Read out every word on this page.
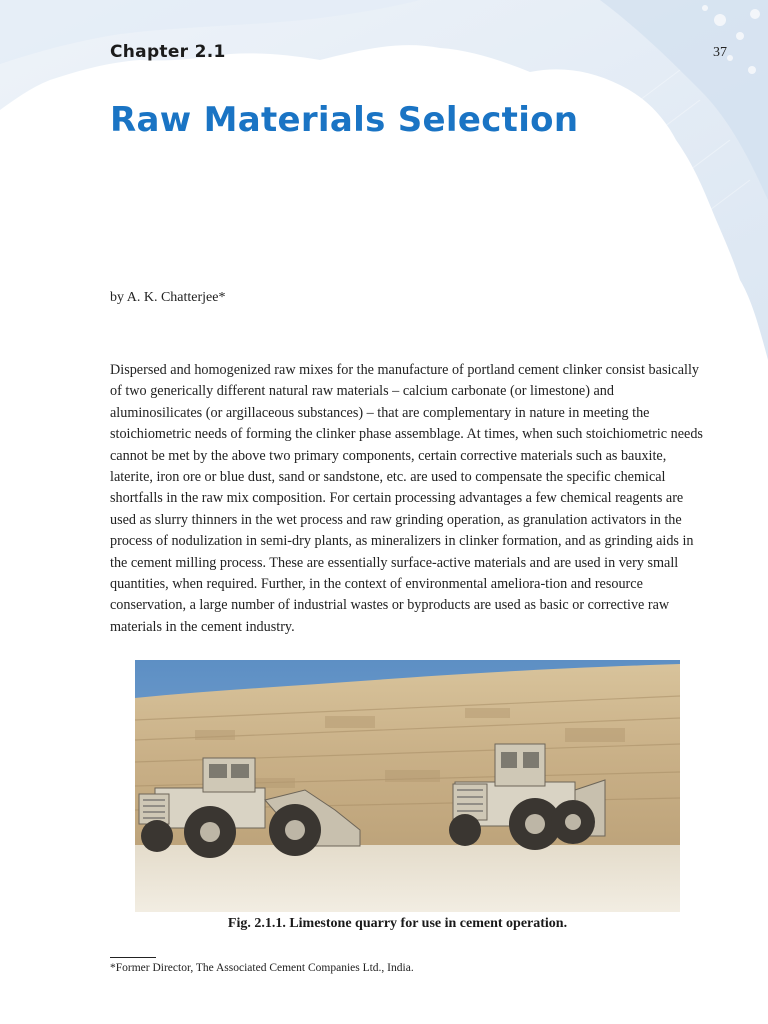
Chapter 2.1	37
Raw Materials Selection
by A. K. Chatterjee*

Dispersed and homogenized raw mixes for the manufacture of portland cement clinker consist basically of two generically different natural raw materials – calcium carbonate (or limestone) and aluminosilicates (or argillaceous substances) – that are complementary in nature in meeting the stoichiometric needs of forming the clinker phase assemblage. At times, when such stoichiometric needs cannot be met by the above two primary components, certain corrective materials such as bauxite, laterite, iron ore or blue dust, sand or sandstone, etc. are used to compensate the specific chemical shortfalls in the raw mix composition. For certain processing advantages a few chemical reagents are used as slurry thinners in the wet process and raw grinding operation, as granulation activators in the process of nodulization in semi-dry plants, as mineralizers in clinker formation, and as grinding aids in the cement milling process. These are essentially surface-active materials and are used in very small quantities, when required. Further, in the context of environmental ameliora-tion and resource conservation, a large number of industrial wastes or byproducts are used as basic or corrective raw materials in the cement industry.

Fig. 2.1.1. Limestone quarry for use in cement operation.
*Former Director, The Associated Cement Companies Ltd., India.
